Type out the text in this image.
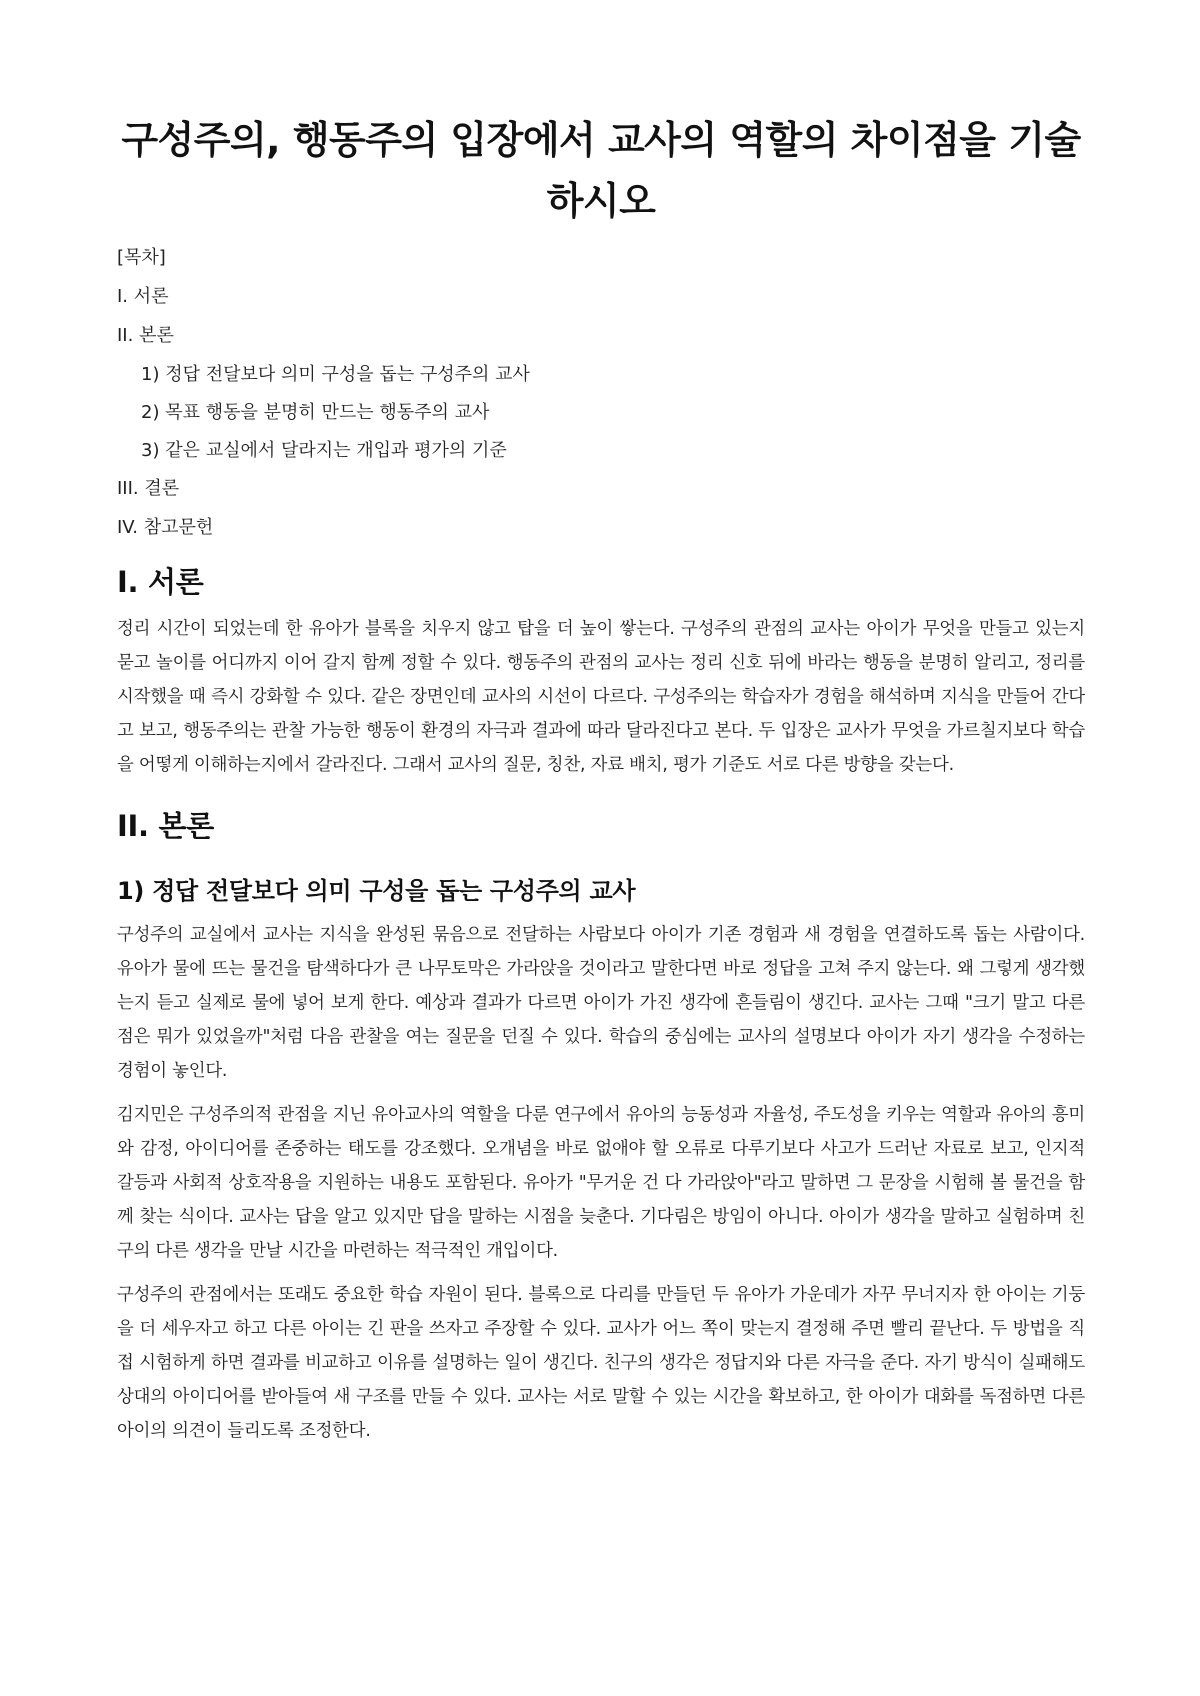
구성주의, 행동주의 입장에서 교사의 역할의 차이점을 기술하시오
[목차]
I. 서론
II. 본론
1) 정답 전달보다 의미 구성을 돕는 구성주의 교사
2) 목표 행동을 분명히 만드는 행동주의 교사
3) 같은 교실에서 달라지는 개입과 평가의 기준
III. 결론
IV. 참고문헌
I. 서론

정리 시간이 되었는데 한 유아가 블록을 치우지 않고 탑을 더 높이 쌓는다. 구성주의 관점의 교사는 아이가 무엇을 만들고 있는지 묻고 놀이를 어디까지 이어 갈지 함께 정할 수 있다. 행동주의 관점의 교사는 정리 신호 뒤에 바라는 행동을 분명히 알리고, 정리를 시작했을 때 즉시 강화할 수 있다. 같은 장면인데 교사의 시선이 다르다. 구성주의는 학습자가 경험을 해석하며 지식을 만들어 간다고 보고, 행동주의는 관찰 가능한 행동이 환경의 자극과 결과에 따라 달라진다고 본다. 두 입장은 교사가 무엇을 가르칠지보다 학습을 어떻게 이해하는지에서 갈라진다. 그래서 교사의 질문, 칭찬, 자료 배치, 평가 기준도 서로 다른 방향을 갖는다.

II. 본론
1) 정답 전달보다 의미 구성을 돕는 구성주의 교사

구성주의 교실에서 교사는 지식을 완성된 묶음으로 전달하는 사람보다 아이가 기존 경험과 새 경험을 연결하도록 돕는 사람이다. 유아가 물에 뜨는 물건을 탐색하다가 큰 나무토막은 가라앉을 것이라고 말한다면 바로 정답을 고쳐 주지 않는다. 왜 그렇게 생각했는지 듣고 실제로 물에 넣어 보게 한다. 예상과 결과가 다르면 아이가 가진 생각에 흔들림이 생긴다. 교사는 그때 "크기 말고 다른 점은 뭐가 있었을까"처럼 다음 관찰을 여는 질문을 던질 수 있다. 학습의 중심에는 교사의 설명보다 아이가 자기 생각을 수정하는 경험이 놓인다.

김지민은 구성주의적 관점을 지닌 유아교사의 역할을 다룬 연구에서 유아의 능동성과 자율성, 주도성을 키우는 역할과 유아의 흥미와 감정, 아이디어를 존중하는 태도를 강조했다. 오개념을 바로 없애야 할 오류로 다루기보다 사고가 드러난 자료로 보고, 인지적 갈등과 사회적 상호작용을 지원하는 내용도 포함된다. 유아가 "무거운 건 다 가라앉아"라고 말하면 그 문장을 시험해 볼 물건을 함께 찾는 식이다. 교사는 답을 알고 있지만 답을 말하는 시점을 늦춘다. 기다림은 방임이 아니다. 아이가 생각을 말하고 실험하며 친구의 다른 생각을 만날 시간을 마련하는 적극적인 개입이다.

구성주의 관점에서는 또래도 중요한 학습 자원이 된다. 블록으로 다리를 만들던 두 유아가 가운데가 자꾸 무너지자 한 아이는 기둥을 더 세우자고 하고 다른 아이는 긴 판을 쓰자고 주장할 수 있다. 교사가 어느 쪽이 맞는지 결정해 주면 빨리 끝난다. 두 방법을 직접 시험하게 하면 결과를 비교하고 이유를 설명하는 일이 생긴다. 친구의 생각은 정답지와 다른 자극을 준다. 자기 방식이 실패해도 상대의 아이디어를 받아들여 새 구조를 만들 수 있다. 교사는 서로 말할 수 있는 시간을 확보하고, 한 아이가 대화를 독점하면 다른 아이의 의견이 들리도록 조정한다.
